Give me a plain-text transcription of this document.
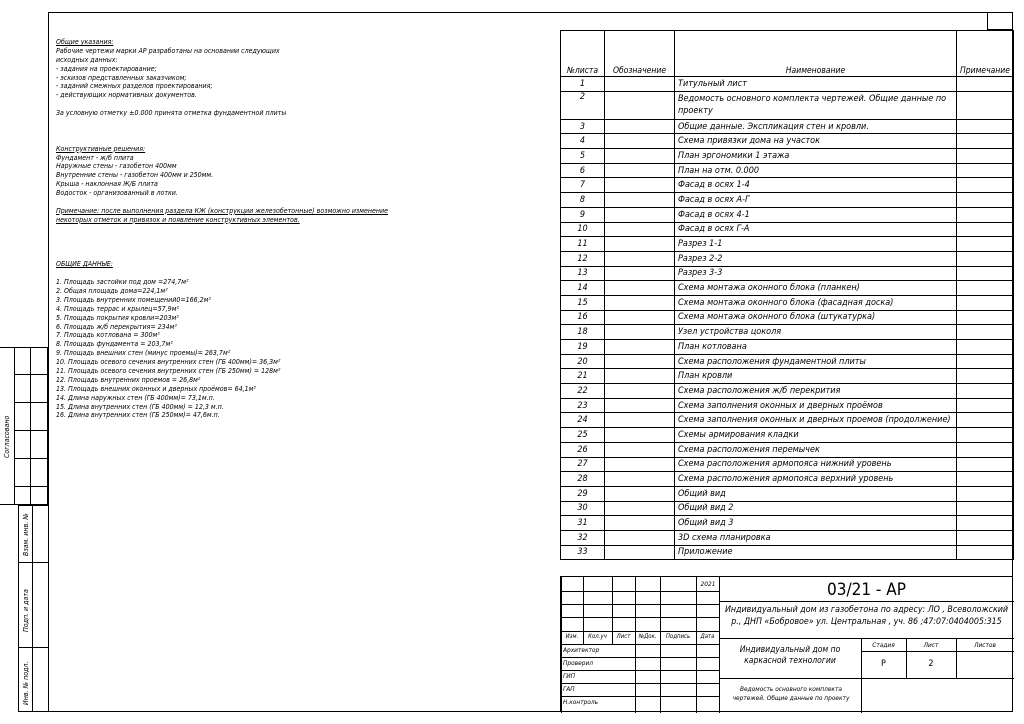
Согласовано
Взам. инв. №
Подп. и дата
Инв. № подл.
Общие указания:
Рабочие чертежи марки АР разработаны на основании следующих
исходных данных:
- задания на проектирование;
- эскизов представленных заказчиком;
- заданий смежных разделов проектирования;
- действующих нормативных документов.
За условную отметку ±0.000 принята отметка фундаментной плиты
Конструктивные решения:
Фундамент - ж/б плита
Наружные стены - газобетон 400мм
Внутренние стены - газобетон 400мм и 250мм.
Крыша - наклонная Ж/Б плита
Водосток - организованный в лотки.
Примечание: после выполнения раздела КЖ (конструкции железобетонные) возможно изменение
некоторых отметок и привязок и появление конструктивных элементов.
ОБЩИЕ ДАННЫЕ:
1. Площадь застойки под дом =274,7м²
2. Общая площадь дома=224,1м²
3. Площадь внутренних помещений0=166,2м²
4. Площадь террас и крылец=57,9м²
5. Площадь покрытия кровли=203м²
6. Площадь ж/б перекрытия= 234м²
7. Площадь котлована = 300м²
8. Площадь фундамента = 203,7м²
9. Площадь внешних стен (минус проемы)= 263,7м²
10. Площадь осевого сечения внутренних стен (ГБ 400мм)= 36,3м²
11. Площадь осевого сечения внутренних стен (ГБ 250мм) = 128м²
12. Площадь внутренних проемов = 26,8м²
13. Площадь внешних оконных и дверных проёмов= 64,1м²
14. Длина наружных стен (ГБ 400мм)= 73,1м.п.
15. Длина внутренних стен (ГБ 400мм) = 12,3 м.п.
16. Длина внутренних стен (ГБ 250мм)= 47,6м.п.
№листа	Обозначение	Наименование	Примечание
1		Титульный лист	
2		Ведомость основного комплекта чертежей. Общие данные по проекту	
3		Общие данные. Экспликация стен и кровли.	
4		Схема привязки дома на участок	
5		План эргономики 1 этажа	
6		План на отм. 0.000	
7		Фасад в осях 1-4	
8		Фасад в осях А-Г	
9		Фасад в осях 4-1	
10		Фасад в осях Г-А	
11		Разрез 1-1	
12		Разрез 2-2	
13		Разрез 3-3	
14		Схема монтажа оконного блока (планкен)	
15		Схема монтажа оконного блока (фасадная доска)	
16		Схема монтажа оконного блока (штукатурка)	
18		Узел устройства цоколя	
19		План котлована	
20		Схема расположения фундаментной плиты	
21		План кровли	
22		Схема расположения ж/б перекрития	
23		Схема заполнения оконных и дверных проёмов	
24		Схема заполнения оконных и дверных проемов (продолжение)	
25		Схемы армирования кладки	
26		Схема расположения перемычек	
27		Схема расположения армопояса нижний уровень	
28		Схема расположения армопояса верхний уровень	
29		Общий вид	
30		Общий вид 2	
31		Общий вид 3	
32		3D схема планировка	
33		Приложение	
2021	03/21 - АР
Индивидуальный дом из газобетона по адресу: ЛО , Всеволожский р., ДНП «Бобровое» ул. Центральная , уч. 86 ;47:07:0404005:315
Изм.	Кол.уч	Лист	№Док.	Подпись	Дата
Архитектор
Проверил
ГИП
ГАП
Н.контроль
Индивидуальный дом по каркасной технологии
Стадия	Лист	Листов
Р	2
Ведомость основного комплекта чертежей. Общие данные по проекту
